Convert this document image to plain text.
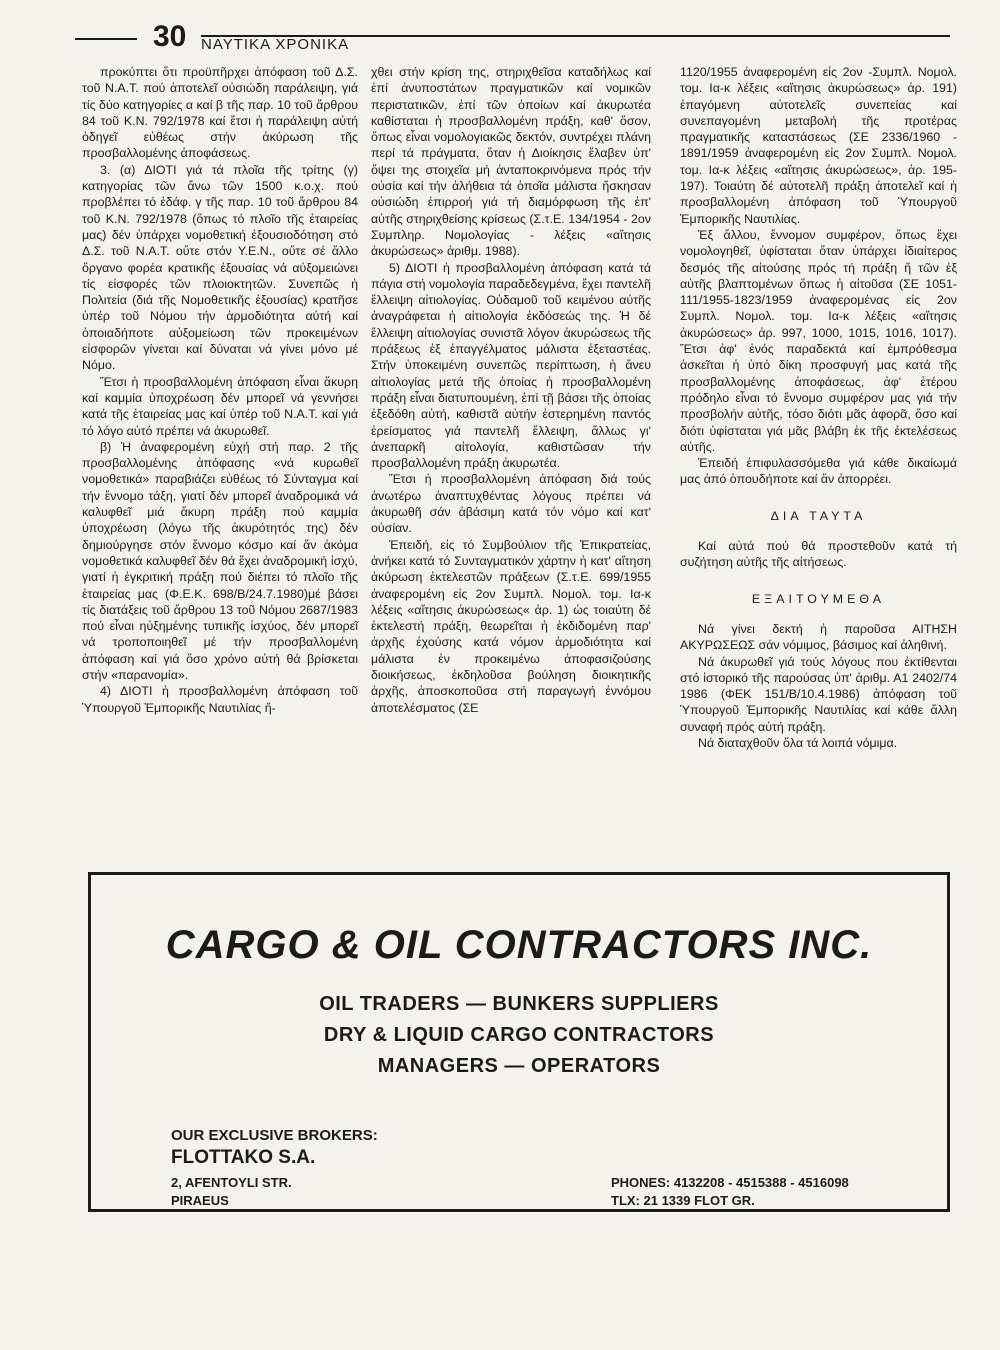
30 ΝΑΥΤΙΚΑ ΧΡΟΝΙΚΑ

προκύπτει ὅτι προϋπῆρχει ἀπόφαση τοῦ Δ.Σ. τοῦ Ν.Α.Τ. πού ἀποτελεῖ οὐσιώδη παράλειψη, γιά τίς δύο κατηγορίες α καί β τῆς παρ. 10 τοῦ ἄρθρου 84 τοῦ Κ.Ν. 792/1978 καί ἔτσι ἡ παράλειψη αὐτή ὁδηγεῖ εὐθέως στήν ἀκύρωση τῆς προσβαλλομένης ἀποφάσεως.

3. (α) ΔΙΟΤΙ γιά τά πλοῖα τῆς τρίτης (γ) κατηγορίας τῶν ἄνω τῶν 1500 κ.ο.χ. πού προβλέπει τό ἐδάφ. γ τῆς παρ. 10 τοῦ ἄρθρου 84 τοῦ Κ.Ν. 792/1978 (ὅπως τό πλοῖο τῆς ἑταιρείας μας) δέν ὑπάρχει νομοθετική ἐξουσιοδότηση στό Δ.Σ. τοῦ Ν.Α.Τ. οὔτε στόν Υ.Ε.Ν., οὔτε σέ ἄλλο ὄργανο φορέα κρατικῆς ἐξουσίας νά αὐξομειώνει τίς εἰσφορές τῶν πλοιοκτητῶν. Συνεπῶς ἡ Πολιτεία (διά τῆς Νομοθετικῆς ἐξουσίας) κρατῆσε ὑπέρ τοῦ Νόμου τήν ἁρμοδιότητα αὐτή καί ὁποιαδήποτε αὐξομείωση τῶν προκειμένων εἰσφορῶν γίνεται καί δύναται νά γίνει μόνο μέ Νόμο.

Ἔτσι ἡ προσβαλλομένη ἀπόφαση εἶναι ἄκυρη καί καμμία ὑποχρέωση δέν μπορεῖ νά γεννήσει κατά τῆς ἑταιρείας μας καί ὑπέρ τοῦ Ν.Α.Τ. καί γιά τό λόγο αὐτό πρέπει νά ἀκυρωθεῖ.

β) Ἡ ἀναφερομένη εὐχή στή παρ. 2 τῆς προσβαλλομένης ἀπόφασης «νά κυρωθεῖ νομοθετικά» παραβιάζει εὐθέως τό Σύνταγμα καί τήν ἔννομο τάξη, γιατί δέν μπορεῖ ἀναδρομικά νά καλυφθεῖ μιά ἄκυρη πράξη πού καμμία ὑποχρέωση (λόγω τῆς ἀκυρότητός της) δέν δημιούργησε στόν ἔννομο κόσμο καί ἄν ἀκόμα νομοθετικά καλυφθεῖ δέν θά ἔχει ἀναδρομική ἰσχύ, γιατί ἡ ἐγκριτική πράξη πού διέπει τό πλοῖο τῆς ἑταιρείας μας (Φ.Ε.Κ. 698/Β/24.7.1980)μέ βάσει τίς διατάξεις τοῦ ἄρθρου 13 τοῦ Νόμου 2687/1983 πού εἶναι ηὐξημένης τυπικῆς ἰσχύος, δέν μπορεῖ νά τροποποιηθεῖ μέ τήν προσβαλλομένη ἀπόφαση καί γιά ὅσο χρόνο αὐτή θά βρίσκεται στήν «παρανομία».

4) ΔΙΟΤΙ ἡ προσβαλλομένη ἀπόφαση τοῦ Ὑπουργοῦ Ἐμπορικῆς Ναυτιλίας ἤ-

χθει στήν κρίση της, στηριχθεῖσα καταδήλως καί ἐπί ἀνυποστάτων πραγματικῶν καί νομικῶν περιστατικῶν, ἐπί τῶν ὁποίων καί ἀκυρωτέα καθίσταται ἡ προσβαλλομένη πράξη, καθ' ὅσον, ὅπως εἶναι νομολογιακῶς δεκτόν, συντρέχει πλάνη περί τά πράγματα, ὅταν ἡ Διοίκησις ἔλαβεν ὑπ' ὄψει της στοιχεῖα μή ἀνταποκρινόμενα πρός τήν οὐσία καί τήν ἀλήθεια τά ὁποῖα μάλιστα ἤσκησαν οὐσιώδη ἐπιρροή γιά τή διαμόρφωση τῆς ἐπ' αὐτῆς στηριχθείσης κρίσεως (Σ.τ.Ε. 134/1954 - 2ον Συμπληρ. Νομολογίας - λέξεις «αἴτησις ἀκυρώσεως» ἀριθμ. 1988).

5) ΔΙΟΤΙ ἡ προσβαλλομένη ἀπόφαση κατά τά πάγια στή νομολογία παραδεδεγμένα, ἔχει παντελῆ ἔλλειψη αἰτιολογίας. Οὐδαμοῦ τοῦ κειμένου αὐτῆς ἀναγράφεται ἡ αἰτιολογία ἐκδόσεώς της. Ἡ δέ ἔλλειψη αἰτιολογίας συνιστᾶ λόγον ἀκυρώσεως τῆς πράξεως ἐξ ἐπαγγέλματος μάλιστα ἐξεταστέας. Στήν ὑποκειμένη συνεπῶς περίπτωση, ἡ ἄνευ αἰτιολογίας μετά τῆς ὁποίας ἡ προσβαλλομένη πράξη εἶναι διατυπουμένη, ἐπί τῇ βάσει τῆς ὁποίας ἐξεδόθη αὐτή, καθιστᾶ αὐτήν ἐστερημένη παντός ἐρείσματος γιά παντελῆ ἔλλειψη, ἄλλως γι' ἀνεπαρκῆ αἰτολογία, καθιστῶσαν τήν προσβαλλομένη πράξη ἀκυρωτέα.

Ἔτσι ἡ προσβαλλομένη ἀπόφαση διά τούς ἀνωτέρω ἀναπτυχθέντας λόγους πρέπει νά ἀκυρωθῆ σάν ἀβάσιμη κατά τόν νόμο καί κατ' οὐσίαν.

Ἐπειδή, εἰς τό Συμβούλιον τῆς Ἐπικρατείας, ἀνήκει κατά τό Συνταγματικόν χάρτην ἡ κατ' αἴτηση ἀκύρωση ἐκτελεστῶν πράξεων (Σ.τ.Ε. 699/1955 ἀναφερομένη εἰς 2ον Συμπλ. Νομολ. τομ. Ια-κ λέξεις «αἴτησις ἀκυρώσεως« ἀρ. 1) ὡς τοιαύτη δέ ἐκτελεστή πράξη, θεωρεῖται ἡ ἐκδιδομένη παρ' ἀρχῆς ἐχούσης κατά νόμον ἁρμοδιότητα καί μάλιστα ἐν προκειμένω ἀποφασιζούσης διοικήσεως, ἐκδηλοῦσα βούληση διοικητικῆς ἀρχῆς, ἀποσκοποῦσα στή παραγωγή ἐννόμου ἀποτελέσματος (ΣΕ

1120/1955 ἀναφερομένη εἰς 2ον -Συμπλ. Νομολ. τομ. Ια-κ λέξεις «αἴτησις ἀκυρώσεως» ἀρ. 191) ἐπαγόμενη αὐτοτελεῖς συνεπείας καί συνεπαγομένη μεταβολή τῆς προτέρας πραγματικῆς καταστάσεως (ΣΕ 2336/1960 - 1891/1959 ἀναφερομένη εἰς 2ον Συμπλ. Νομολ. τομ. Ια-κ λέξεις «αἴτησις ἀκυρώσεως», ἀρ. 195-197). Τοιαύτη δέ αὐτοτελῆ πράξη ἀποτελεῖ καί ἡ προσβαλλομένη ἀπόφαση τοῦ Ὑπουργοῦ Ἐμπορικῆς Ναυτιλίας.

Ἐξ ἄλλου, ἔννομον συμφέρον, ὅπως ἔχει νομολογηθεῖ, ὑφίσταται ὅταν ὑπάρχει ἰδιαίτερος δεσμός τῆς αἰτούσης πρός τή πράξη ἤ τῶν ἐξ αὐτῆς βλαπτομένων ὅπως ἡ αἰτοῦσα (ΣΕ 1051-111/1955-1823/1959 ἀναφερομένας εἰς 2ον Συμπλ. Νομολ. τομ. Ια-κ λέξεις «αἴτησις ἀκυρώσεως» ἀρ. 997, 1000, 1015, 1016, 1017). Ἔτσι ἀφ' ἑνός παραδεκτά καί ἐμπρόθεσμα ἀσκεῖται ἡ ὑπό δίκη προσφυγή μας κατά τῆς προσβαλλομένης ἀποφάσεως, ἀφ' ἑτέρου πρόδηλο εἶναι τό ἔννομο συμφέρον μας γιά τήν προσβολήν αὐτῆς, τόσο διότι μᾶς ἀφορᾶ, ὅσο καί διότι ὑφίσταται γιά μᾶς βλάβη ἐκ τῆς ἐκτελέσεως αὐτῆς.

Ἐπειδή ἐπιφυλασσόμεθα γιά κάθε δικαίωμά μας ἀπό ὁπουδήποτε καί ἄν ἀπορρέει.

ΔΙΑ ΤΑΥΤΑ

Καί αὐτά πού θά προστεθοῦν κατά τή συζήτηση αὐτῆς τῆς αἰτήσεως.

ΕΞΑΙΤΟΥΜΕΘΑ

Νά γίνει δεκτή ἡ παροῦσα ΑΙΤΗΣΗ ΑΚΥΡΩΣΕΩΣ σάν νόμιμος, βάσιμος καί ἀληθινή.

Νά ἀκυρωθεῖ γιά τούς λόγους που ἐκτίθενται στό ἱστορικό τῆς παρούσας ὑπ' ἀριθμ. Α1 2402/74 1986 (ΦΕΚ 151/Β/10.4.1986) ἀπόφαση τοῦ Ὑπουργοῦ Ἐμπορικῆς Ναυτιλίας καί κάθε ἄλλη συναφή πρός αὐτή πράξη.

Νά διαταχθοῦν ὅλα τά λοιπά νόμιμα.

CARGO & OIL CONTRACTORS INC.
OIL TRADERS — BUNKERS SUPPLIERS
DRY & LIQUID CARGO CONTRACTORS
MANAGERS — OPERATORS
OUR EXCLUSIVE BROKERS:
FLOTTAKO S.A.
2, AFENTOYLI STR.
PIRAEUS
PHONES: 4132208 - 4515388 - 4516098
TLX: 21 1339 FLOT GR.
